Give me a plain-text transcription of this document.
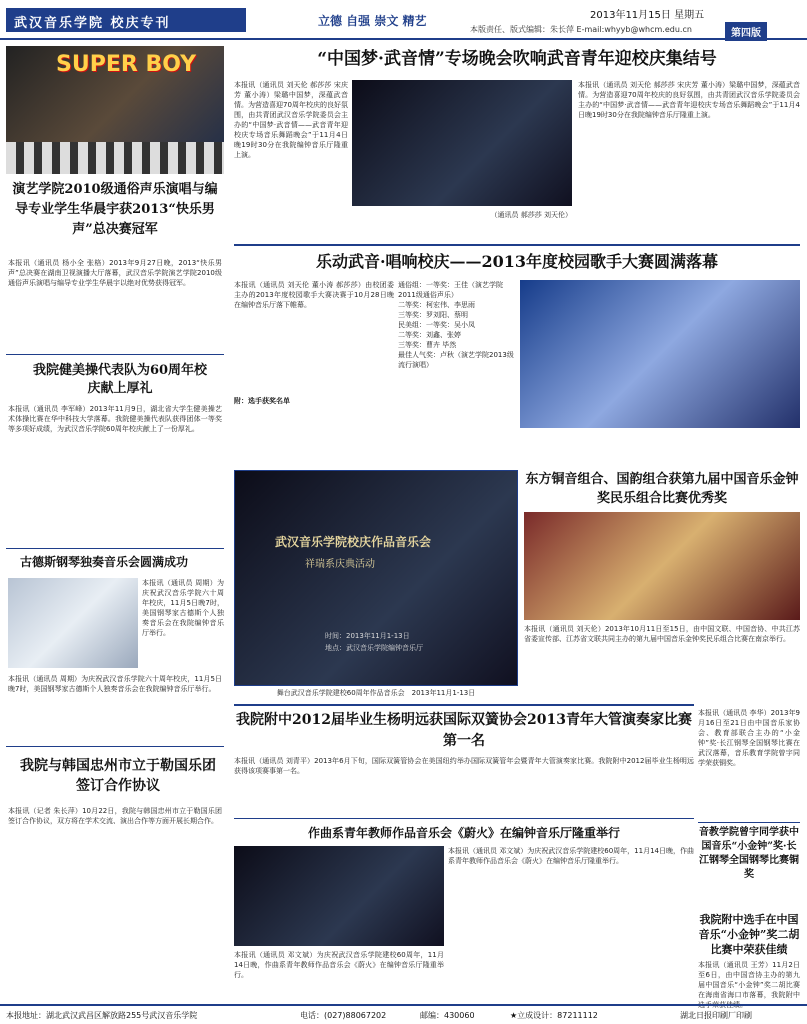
武汉音乐学院 校庆专刊	立德 自强 崇文 精艺	2013年11月15日 星期五
本版责任、版式编辑：朱长萍 E-mail:whyyb@whcm.edu.cn	第四版
SUPER BOY
演艺学院2010级通俗声乐演唱与编导专业学生华晨宇获2013“快乐男声”总决赛冠军
本报讯（通讯员 杨小全 张格）2013年9月27日晚，2013“快乐男声”总决赛在湖南卫视演播大厅落幕，武汉音乐学院演艺学院2010级通俗声乐演唱与编导专业学生华晨宇以绝对优势获得冠军。
我院健美操代表队为60周年校庆献上厚礼
本报讯（通讯员 李军峰）2013年11月9日，湖北省大学生健美操艺术体操比赛在华中科技大学落幕。我院健美操代表队获得团体一等奖等多项好成绩，为武汉音乐学院60周年校庆献上了一份厚礼。
古德斯钢琴独奏音乐会圆满成功
本报讯（通讯员 周期）为庆祝武汉音乐学院六十周年校庆，11月5日晚7时，美国钢琴家古德斯个人独奏音乐会在我院编钟音乐厅举行。
本报讯（通讯员 周期）为庆祝武汉音乐学院六十周年校庆，11月5日晚7时，美国钢琴家古德斯个人独奏音乐会在我院编钟音乐厅举行。
我院与韩国忠州市立于勒国乐团签订合作协议
本报讯（记者 朱长萍）10月22日，我院与韩国忠州市立于勒国乐团签订合作协议，双方将在学术交流、演出合作等方面开展长期合作。
“中国梦·武音情”专场晚会吹响武音青年迎校庆集结号
本报讯（通讯员 刘天伦 郝莎莎 宋庆芳 董小涛）梁璐中国梦，深蕴武音情。为营造喜迎70周年校庆的良好氛围，由共青团武汉音乐学院委员会主办的“中国梦·武音情——武音青年迎校庆专场音乐舞蹈晚会”于11月4日晚19时30分在我院编钟音乐厅隆重上演。
本报讯（通讯员 刘天伦 郝莎莎 宋庆芳 董小涛）梁璐中国梦，深蕴武音情。为营造喜迎70周年校庆的良好氛围，由共青团武汉音乐学院委员会主办的“中国梦·武音情——武音青年迎校庆专场音乐舞蹈晚会”于11月4日晚19时30分在我院编钟音乐厅隆重上演。
（通讯员 郝莎莎 刘天伦）
乐动武音·唱响校庆——2013年度校园歌手大赛圆满落幕
本报讯（通讯员 刘天伦 董小涛 郝莎莎）由校团委主办的2013年度校园歌手大赛决赛于10月28日晚在编钟音乐厅落下帷幕。
附：选手获奖名单
通俗组：一等奖：王佳（演艺学院2011级通俗声乐）
二等奖：柯宏伟、李思雨
三等奖：罗刘阳、蔡明
民美组：一等奖：吴小凤
二等奖：刘鑫、张婷
三等奖：曹卉 毕然
最佳人气奖：卢秋（演艺学院2013级流行演唱）
武汉音乐学院校庆作品音乐会
祥瑞系庆典活动
时间：2013年11月1-13日
地点：武汉音乐学院编钟音乐厅
舞台武汉音乐学院建校60周年作品音乐会　2013年11月1-13日
东方铜音组合、国韵组合获第九届中国音乐金钟奖民乐组合比赛优秀奖
本报讯（通讯员 刘天伦）2013年10月11日至15日，由中国文联、中国音协、中共江苏省委宣传部、江苏省文联共同主办的第九届中国音乐金钟奖民乐组合比赛在南京举行。
我院附中2012届毕业生杨明远获国际双簧协会2013青年大管演奏家比赛第一名
本报讯（通讯员 刘青平）2013年6月下旬，国际双簧管协会在美国纽约举办国际双簧管年会暨青年大管演奏家比赛。我院附中2012届毕业生杨明远获得该项赛事第一名。
作曲系青年教师作品音乐会《蔚火》在编钟音乐厅隆重举行
本报讯（通讯员 邓文斌）为庆祝武汉音乐学院建校60周年，11月14日晚，作曲系青年教师作品音乐会《蔚火》在编钟音乐厅隆重举行。
本报讯（通讯员 邓文斌）为庆祝武汉音乐学院建校60周年，11月14日晚，作曲系青年教师作品音乐会《蔚火》在编钟音乐厅隆重举行。
本报讯（通讯员 李华）2013年9月16日至21日由中国音乐家协会、教育部联合主办的“小金钟”奖·长江钢琴全国钢琴比赛在武汉落幕，音乐教育学院曾宇同学荣获铜奖。
音教学院曾宇同学获中国音乐“小金钟”奖·长江钢琴全国钢琴比赛铜奖
我院附中选手在中国音乐“小金钟”奖二胡比赛中荣获佳绩
本报讯（通讯员 王芳）11月2日至6日，由中国音协主办的第九届中国音乐“小金钟”奖二胡比赛在海南省海口市落幕，我院附中选手荣获佳绩。
本报地址：湖北武汉武昌区解放路255号武汉音乐学院	电话：(027)88067202	邮编：430060	★立成设计：87211112	湖北日报印刷厂印刷
